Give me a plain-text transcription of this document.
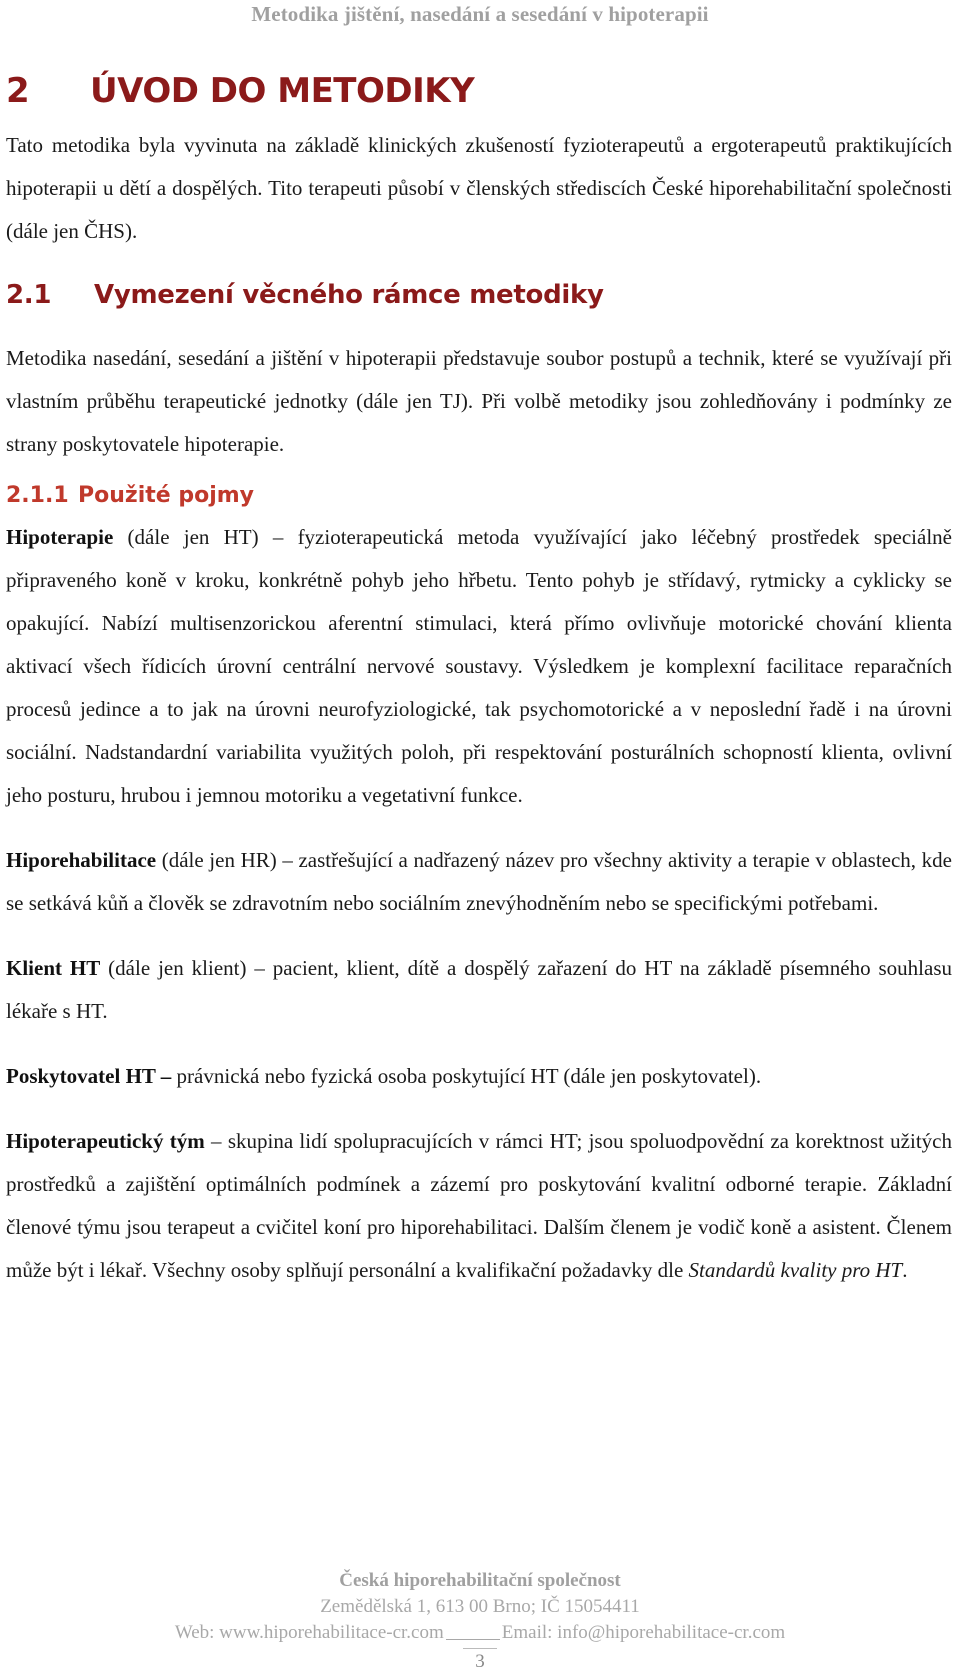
Metodika jištění, nasedání a sesedání v hipoterapii
2 ÚVOD DO METODIKY

Tato metodika byla vyvinuta na základě klinických zkušeností fyzioterapeutů a ergoterapeutů praktikujících hipoterapii u dětí a dospělých. Tito terapeuti působí v členských střediscích České hiporehabilitační společnosti (dále jen ČHS).

2.1 Vymezení věcného rámce metodiky

Metodika nasedání, sesedání a jištění v hipoterapii představuje soubor postupů a technik, které se využívají při vlastním průběhu terapeutické jednotky (dále jen TJ). Při volbě metodiky jsou zohledňovány i podmínky ze strany poskytovatele hipoterapie.

2.1.1 Použité pojmy

Hipoterapie (dále jen HT) – fyzioterapeutická metoda využívající jako léčebný prostředek speciálně připraveného koně v kroku, konkrétně pohyb jeho hřbetu. Tento pohyb je střídavý, rytmicky a cyklicky se opakující. Nabízí multisenzorickou aferentní stimulaci, která přímo ovlivňuje motorické chování klienta aktivací všech řídicích úrovní centrální nervové soustavy. Výsledkem je komplexní facilitace reparačních procesů jedince a to jak na úrovni neurofyziologické, tak psychomotorické a v neposlední řadě i na úrovni sociální. Nadstandardní variabilita využitých poloh, při respektování posturálních schopností klienta, ovlivní jeho posturu, hrubou i jemnou motoriku a vegetativní funkce.

Hiporehabilitace (dále jen HR) – zastřešující a nadřazený název pro všechny aktivity a terapie v oblastech, kde se setkává kůň a člověk se zdravotním nebo sociálním znevýhodněním nebo se specifickými potřebami.

Klient HT (dále jen klient) – pacient, klient, dítě a dospělý zařazení do HT na základě písemného souhlasu lékaře s HT.

Poskytovatel HT – právnická nebo fyzická osoba poskytující HT (dále jen poskytovatel).

Hipoterapeutický tým – skupina lidí spolupracujících v rámci HT; jsou spoluodpovědní za korektnost užitých prostředků a zajištění optimálních podmínek a zázemí pro poskytování kvalitní odborné terapie. Základní členové týmu jsou terapeut a cvičitel koní pro hiporehabilitaci. Dalším členem je vodič koně a asistent. Členem může být i lékař. Všechny osoby splňují personální a kvalifikační požadavky dle Standardů kvality pro HT.

Česká hiporehabilitační společnost
Zemědělská 1, 613 00 Brno; IČ 15054411
Web: www.hiporehabilitace-cr.com	Email: info@hiporehabilitace-cr.com
3
